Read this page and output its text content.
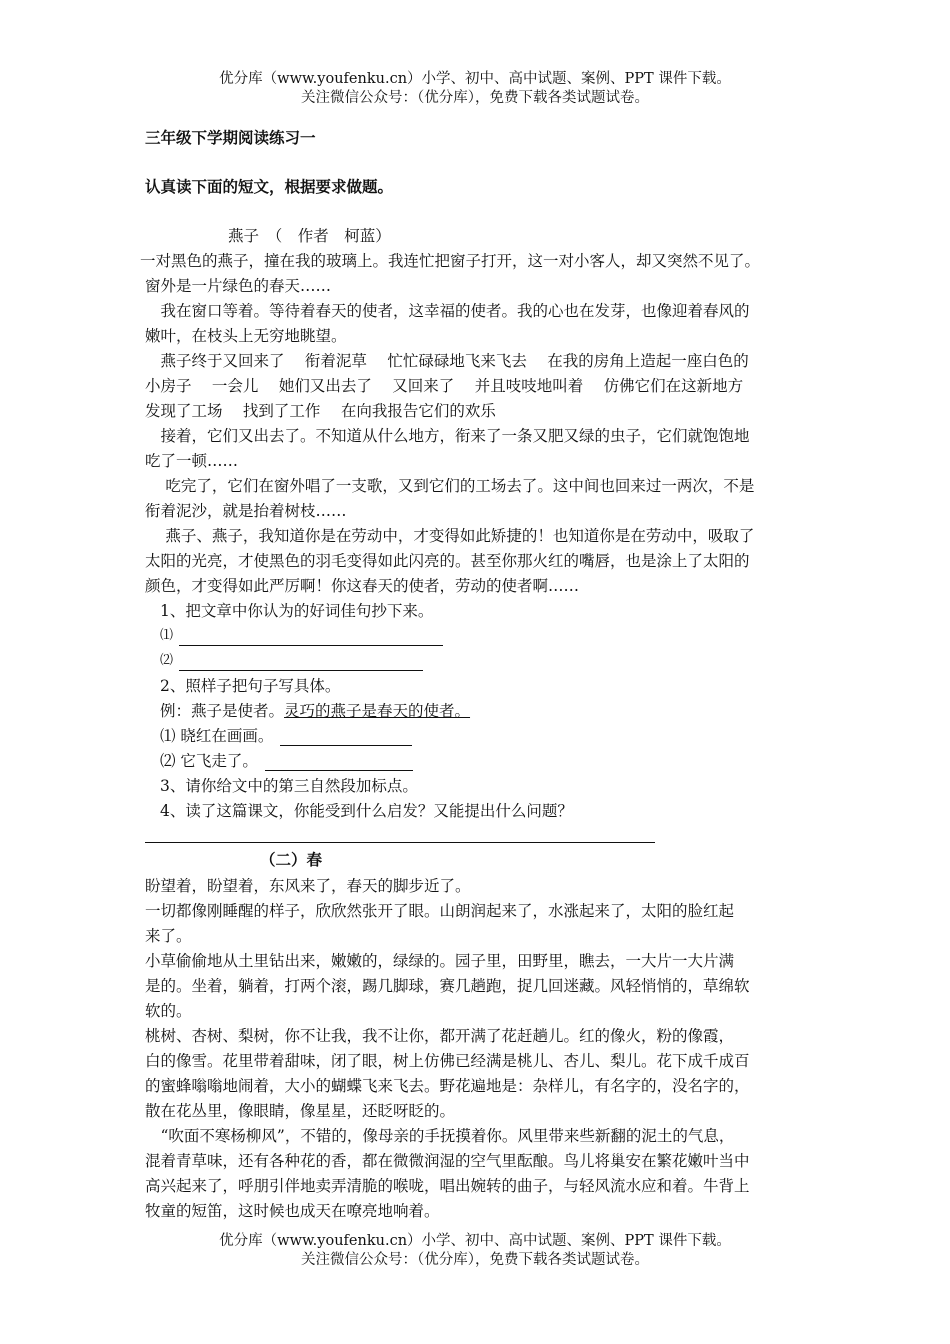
优分库（www.youfenku.cn）小学、初中、高中试题、案例、PPT 课件下载。
关注微信公众号：（优分库），免费下载各类试题试卷。
三年级下学期阅读练习一
认真读下面的短文，根据要求做题。
燕子　（　作者　柯蓝）
一对黑色的燕子，撞在我的玻璃上。我连忙把窗子打开，这一对小客人，却又突然不见了。
窗外是一片绿色的春天……
　我在窗口等着。等待着春天的使者，这幸福的使者。我的心也在发芽，也像迎着春风的
嫩叶，在枝头上无穷地眺望。
　燕子终于又回来了　 衔着泥草　 忙忙碌碌地飞来飞去　 在我的房角上造起一座白色的
小房子　 一会儿　 她们又出去了　 又回来了　 并且吱吱地叫着　 仿佛它们在这新地方
发现了工场　 找到了工作　 在向我报告它们的欢乐
　接着，它们又出去了。不知道从什么地方，衔来了一条又肥又绿的虫子，它们就饱饱地
吃了一顿……
　 吃完了，它们在窗外唱了一支歌，又到它们的工场去了。这中间也回来过一两次，不是
衔着泥沙，就是抬着树枝……
　 燕子、燕子，我知道你是在劳动中，才变得如此矫捷的！也知道你是在劳动中，吸取了
太阳的光亮，才使黑色的羽毛变得如此闪亮的。甚至你那火红的嘴唇，也是涂上了太阳的
颜色，才变得如此严厉啊！你这春天的使者，劳动的使者啊……
1、把文章中你认为的好词佳句抄下来。
⑴
⑵
2、照样子把句子写具体。
例：燕子是使者。灵巧的燕子是春天的使者。
⑴ 晓红在画画。
⑵ 它飞走了。
3、请你给文中的第三自然段加标点。
4、读了这篇课文，你能受到什么启发？又能提出什么问题？
（二）春
盼望着，盼望着，东风来了，春天的脚步近了。
一切都像刚睡醒的样子，欣欣然张开了眼。山朗润起来了，水涨起来了，太阳的脸红起
来了。
小草偷偷地从土里钻出来，嫩嫩的，绿绿的。园子里，田野里，瞧去，一大片一大片满
是的。坐着，躺着，打两个滚，踢几脚球，赛几趟跑，捉几回迷藏。风轻悄悄的，草绵软
软的。
桃树、杏树、梨树，你不让我，我不让你，都开满了花赶趟儿。红的像火，粉的像霞，
白的像雪。花里带着甜味，闭了眼，树上仿佛已经满是桃儿、杏儿、梨儿。花下成千成百
的蜜蜂嗡嗡地闹着，大小的蝴蝶飞来飞去。野花遍地是：杂样儿，有名字的，没名字的，
散在花丛里，像眼睛，像星星，还眨呀眨的。
　“吹面不寒杨柳风”，不错的，像母亲的手抚摸着你。风里带来些新翻的泥土的气息，
混着青草味，还有各种花的香，都在微微润湿的空气里酝酿。鸟儿将巢安在繁花嫩叶当中
高兴起来了，呼朋引伴地卖弄清脆的喉咙，唱出婉转的曲子，与轻风流水应和着。牛背上
牧童的短笛，这时候也成天在嘹亮地响着。
优分库（www.youfenku.cn）小学、初中、高中试题、案例、PPT 课件下载。
关注微信公众号：（优分库），免费下载各类试题试卷。
